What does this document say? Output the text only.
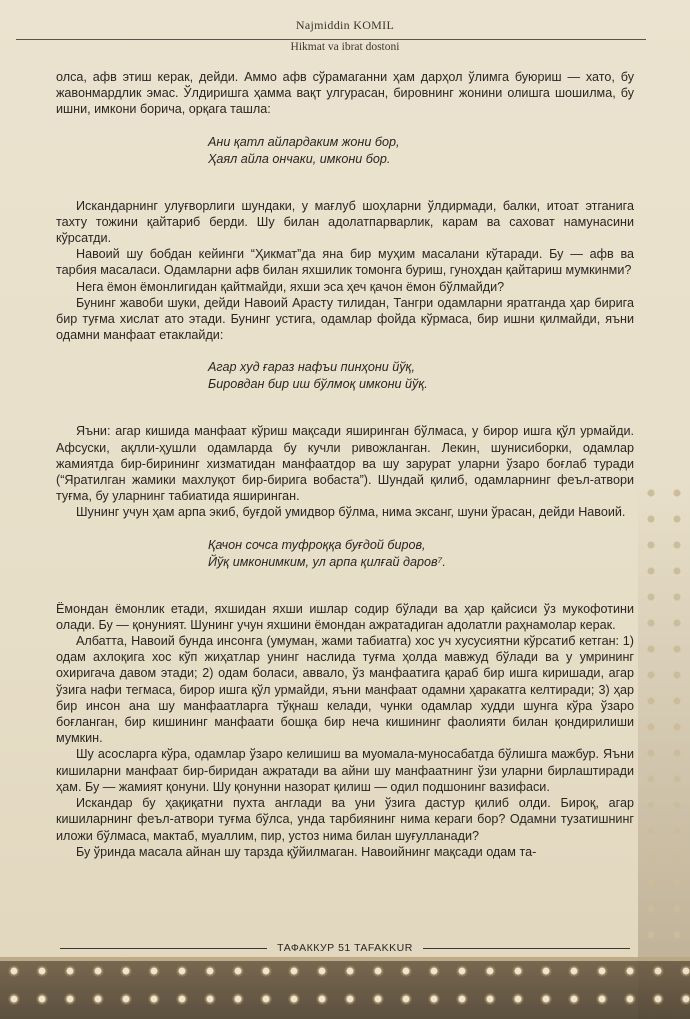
Najmiddin KOMIL
Hikmat va ibrat dostoni

олса, афв этиш керак, дейди. Аммо афв сўрамаганни ҳам дарҳол ўлимга буюриш — хато, бу жавонмардлик эмас. Ўлдиришга ҳамма вақт улгурасан, бировнинг жонини олишга шошилма, бу ишни, имкони борича, орқага ташла:

Ани қатл айлардаким жони бор,
Ҳаял айла ончаки, имкони бор.

Искандарнинг улуғворлиги шундаки, у мағлуб шоҳларни ўлдирмади, балки, итоат этганига тахту тожини қайтариб берди. Шу билан адолатпарварлик, карам ва саховат намунасини кўрсатди.

Навоий шу бобдан кейинги “Ҳикмат”да яна бир муҳим масалани кўтаради. Бу — афв ва тарбия масаласи. Одамларни афв билан яхшилик томонга буриш, гуноҳдан қайтариш мумкинми?

Нега ёмон ёмонлигидан қайтмайди, яхши эса ҳеч қачон ёмон бўлмайди?

Бунинг жавоби шуки, дейди Навоий Арасту тилидан, Тангри одамларни яратганда ҳар бирига бир туғма хислат ато этади. Бунинг устига, одамлар фойда кўрмаса, бир ишни қилмайди, яъни одамни манфаат етаклайди:

Агар худ ғараз нафъи пинҳони йўқ,
Бировдан бир иш бўлмоқ имкони йўқ.

Яъни: агар кишида манфаат кўриш мақсади яширинган бўлмаса, у бирор ишга қўл урмайди. Афсуски, ақлли-ҳушли одамларда бу кучли ривожланган. Лекин, шунисиборки, одамлар жамиятда бир-бирининг хизматидан манфаатдор ва шу зарурат уларни ўзаро боғлаб туради (“Яратилган жамики махлуқот бир-бирига вобаста”). Шундай қилиб, одамларнинг феъл-атвори туғма, бу уларнинг табиатида яширинган.

Шунинг учун ҳам арпа экиб, буғдой умидвор бўлма, нима эксанг, шуни ўрасан, дейди Навоий.

Қачон сочса туфроққа буғдой биров,
Йўқ имконимким, ул арпа қилғай даров⁷.

Ёмондан ёмонлик етади, яхшидан яхши ишлар содир бўлади ва ҳар қайсиси ўз мукофотини олади. Бу — қонуният. Шунинг учун яхшини ёмондан ажратадиган адолатли раҳнамолар керак.

Албатта, Навоий бунда инсонга (умуман, жами табиатга) хос уч хусусиятни кўрсатиб кетган: 1) одам ахлоқига хос кўп жиҳатлар унинг наслида туғма ҳолда мавжуд бўлади ва у умрининг охиригача давом этади; 2) одам боласи, аввало, ўз манфаатига қараб бир ишга киришади, агар ўзига нафи тегмаса, бирор ишга қўл урмайди, яъни манфаат одамни ҳаракатга келтиради; 3) ҳар бир инсон ана шу манфаатларга тўқнаш келади, чунки одамлар худди шунга кўра ўзаро боғланган, бир кишининг манфаати бошқа бир неча кишининг фаолияти билан қондирилиши мумкин.

Шу асосларга кўра, одамлар ўзаро келишиш ва муомала-муносабатда бўлишга мажбур. Яъни кишиларни манфаат бир-биридан ажратади ва айни шу манфаатнинг ўзи уларни бирлаштиради ҳам. Бу — жамият қонуни. Шу қонунни назорат қилиш — одил подшонинг вазифаси.

Искандар бу ҳақиқатни пухта англади ва уни ўзига дастур қилиб олди. Бироқ, агар кишиларнинг феъл-атвори туғма бўлса, унда тарбиянинг нима кераги бор? Одамни тузатишнинг иложи бўлмаса, мактаб, муаллим, пир, устоз нима билан шуғулланади?

Бу ўринда масала айнан шу тарзда қўйилмаган. Навоийнинг мақсади одам та-

ТАФАККУР 51 TAFAKKUR
